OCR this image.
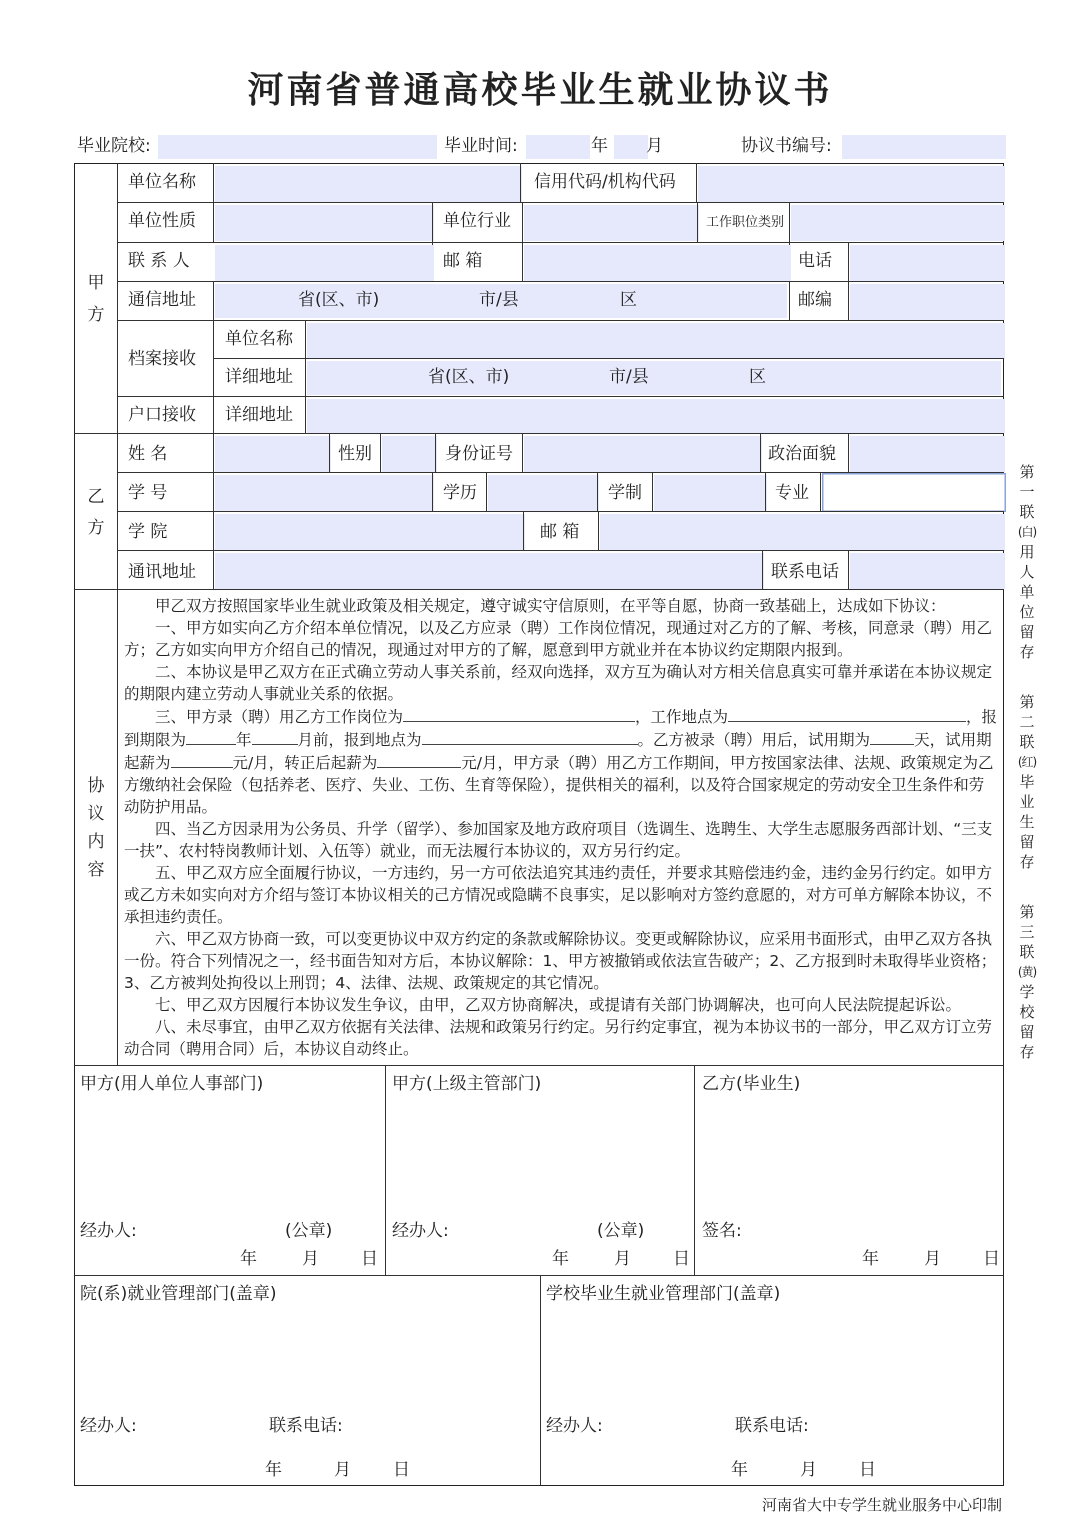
河南省普通高校毕业生就业协议书
毕业院校:	毕业时间:	年 月	协议书编号:
甲
方
单位名称	信用代码/机构代码
单位性质	单位行业	工作职位类别
联 系 人	邮 箱	电话
通信地址	省(区、市)	市/县	区	邮编
档案接收
单位名称
详细地址	省(区、市)	市/县	区
户口接收 详细地址
乙
方
姓 名	性别	身份证号	政治面貌
学 号	学历	学制	专业
学 院	邮 箱
通讯地址	联系电话
协
议
内
容

甲乙双方按照国家毕业生就业政策及相关规定，遵守诚实守信原则，在平等自愿，协商一致基础上，达成如下协议：

一、甲方如实向乙方介绍本单位情况，以及乙方应录（聘）工作岗位情况，现通过对乙方的了解、考核，同意录（聘）用乙方；乙方如实向甲方介绍自己的情况，现通过对甲方的了解，愿意到甲方就业并在本协议约定期限内报到。

二、本协议是甲乙双方在正式确立劳动人事关系前，经双向选择，双方互为确认对方相关信息真实可靠并承诺在本协议规定的期限内建立劳动人事就业关系的依据。

三、甲方录（聘）用乙方工作岗位为	，工作地点为	，报到期限为	年	月前，报到地点为	。乙方被录（聘）用后，试用期为	天，试用期起薪为	元/月，转正后起薪为	元/月，甲方录（聘）用乙方工作期间，甲方按国家法律、法规、政策规定为乙方缴纳社会保险（包括养老、医疗、失业、工伤、生育等保险），提供相关的福利，以及符合国家规定的劳动安全卫生条件和劳动防护用品。

四、当乙方因录用为公务员、升学（留学）、参加国家及地方政府项目（选调生、选聘生、大学生志愿服务西部计划、“三支一扶”、农村特岗教师计划、入伍等）就业，而无法履行本协议的，双方另行约定。

五、甲乙双方应全面履行协议，一方违约，另一方可依法追究其违约责任，并要求其赔偿违约金，违约金另行约定。如甲方或乙方未如实向对方介绍与签订本协议相关的己方情况或隐瞒不良事实，足以影响对方签约意愿的，对方可单方解除本协议，不承担违约责任。

六、甲乙双方协商一致，可以变更协议中双方约定的条款或解除协议。变更或解除协议，应采用书面形式，由甲乙双方各执一份。符合下列情况之一，经书面告知对方后，本协议解除：1、甲方被撤销或依法宣告破产；2、乙方报到时未取得毕业资格；3、乙方被判处拘役以上刑罚；4、法律、法规、政策规定的其它情况。

七、甲乙双方因履行本协议发生争议，由甲，乙双方协商解决，或提请有关部门协调解决，也可向人民法院提起诉讼。

八、未尽事宜，由甲乙双方依据有关法律、法规和政策另行约定。另行约定事宜，视为本协议书的一部分，甲乙双方订立劳动合同（聘用合同）后，本协议自动终止。

甲方(用人单位人事部门)	甲方(上级主管部门)	乙方(毕业生)
经办人:	(公章)
年	月 日
经办人:	(公章)
年	月 日
签名:
年	月 日
院(系)就业管理部门(盖章)	学校毕业生就业管理部门(盖章)
经办人:	联系电话:
年	月 日
经办人:	联系电话:
年	月 日
第
一
联
(白)
用
人
单
位
留
存
第
二
联
(红)
毕
业
生
留
存
第
三
联
(黄)
学
校
留
存
河南省大中专学生就业服务中心印制
